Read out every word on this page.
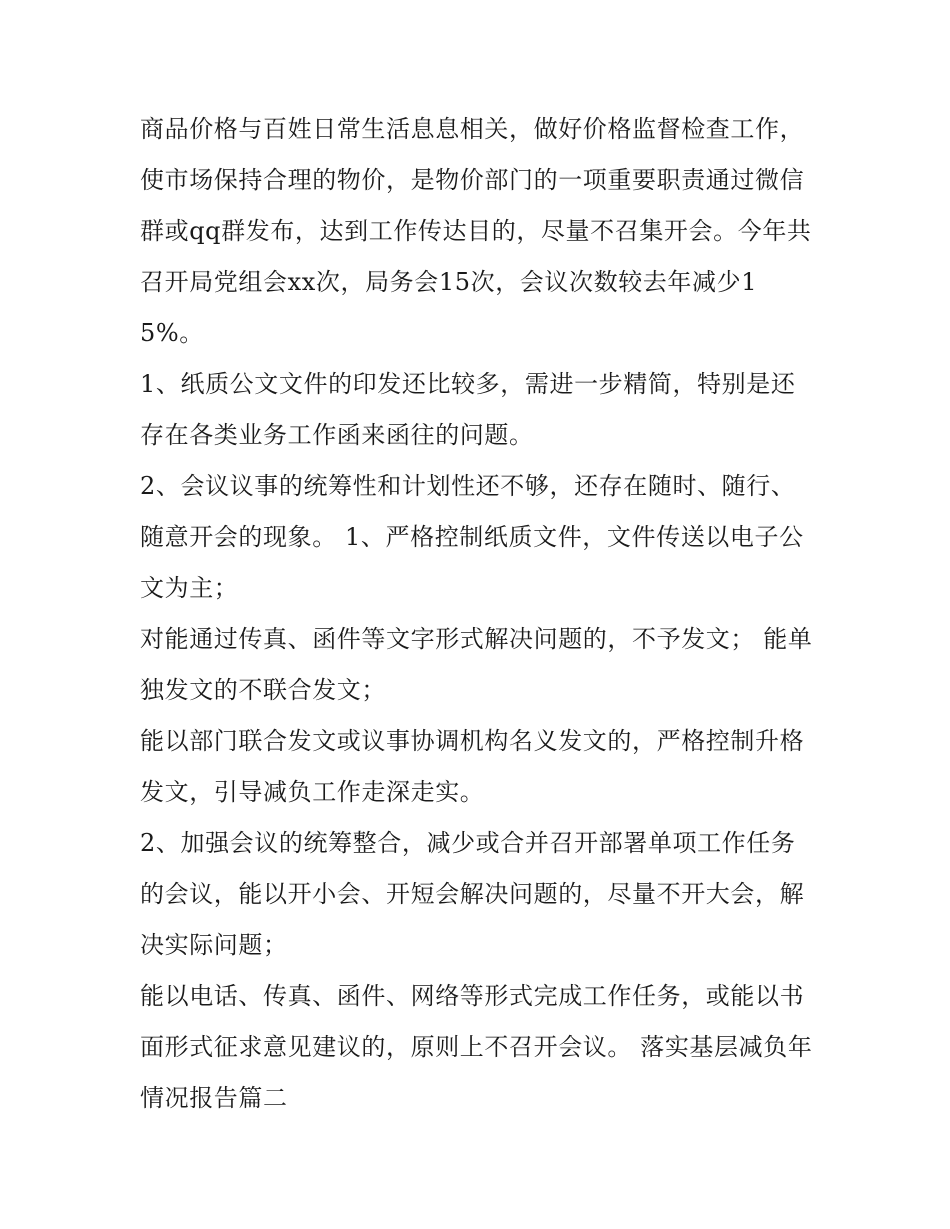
商品价格与百姓日常生活息息相关，做好价格监督检查工作，使市场保持合理的物价，是物价部门的一项重要职责通过微信群或qq群发布，达到工作传达目的，尽量不召集开会。今年共召开局党组会xx次，局务会15次，会议次数较去年减少15%。

1、纸质公文文件的印发还比较多，需进一步精简，特别是还存在各类业务工作函来函往的问题。

2、会议议事的统筹性和计划性还不够，还存在随时、随行、随意开会的现象。 1、严格控制纸质文件，文件传送以电子公文为主；

对能通过传真、函件等文字形式解决问题的，不予发文； 能单独发文的不联合发文；

能以部门联合发文或议事协调机构名义发文的，严格控制升格发文，引导减负工作走深走实。

2、加强会议的统筹整合，减少或合并召开部署单项工作任务的会议，能以开小会、开短会解决问题的，尽量不开大会，解决实际问题；

能以电话、传真、函件、网络等形式完成工作任务，或能以书面形式征求意见建议的，原则上不召开会议。 落实基层减负年情况报告篇二
